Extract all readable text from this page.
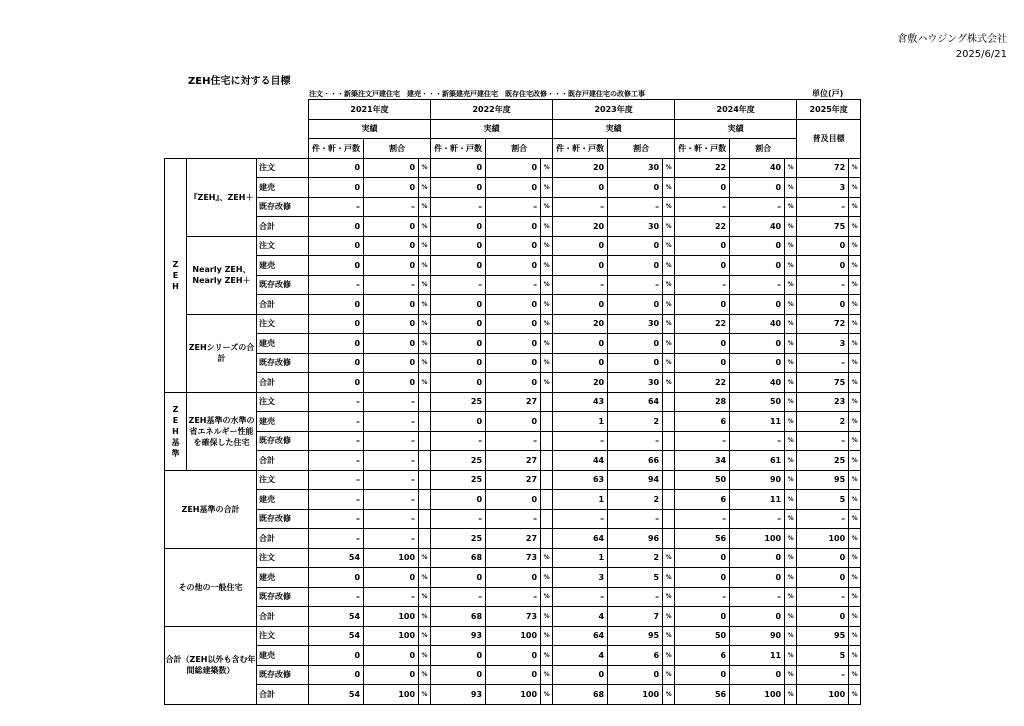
倉敷ハウジング株式会社
2025/6/21
ZEH住宅に対する目標
注文・・・新築注文戸建住宅　建売・・・新築建売戸建住宅　既存住宅改修・・・既存戸建住宅の改修工事	単位(戸)
			2021年度			2022年度			2023年度			2024年度			2025年度	
			実績			実績			実績			実績			普及目標	
			件・軒・戸数	割合		件・軒・戸数	割合		件・軒・戸数	割合		件・軒・戸数	割合			
ZEH	『ZEH』、ZEH＋	注文	0	0	%	0	0	%	20	30	%	22	40	%	72	%
		建売	0	0	%	0	0	%	0	0	%	0	0	%	3	%
		既存改修	–	–	%	–	–	%	–	–	%	–	–	%	–	%
		合計	0	0	%	0	0	%	20	30	%	22	40	%	75	%
	Nearly ZEH、Nearly ZEH＋	注文	0	0	%	0	0	%	0	0	%	0	0	%	0	%
		建売	0	0	%	0	0	%	0	0	%	0	0	%	0	%
		既存改修	–	–	%	–	–	%	–	–	%	–	–	%	–	%
		合計	0	0	%	0	0	%	0	0	%	0	0	%	0	%
	ZEHシリーズの合計	注文	0	0	%	0	0	%	20	30	%	22	40	%	72	%
		建売	0	0	%	0	0	%	0	0	%	0	0	%	3	%
		既存改修	0	0	%	0	0	%	0	0	%	0	0	%	–	%
		合計	0	0	%	0	0	%	20	30	%	22	40	%	75	%
ZEH基準	ZEH基準の水準の省エネルギー性能を確保した住宅	注文	–	–		25	27		43	64		28	50	%	23	%
		建売	–	–		0	0		1	2		6	11	%	2	%
		既存改修	–	–		–	–		–	–		–	–	%	–	%
		合計	–	–		25	27		44	66		34	61	%	25	%
ZEH基準の合計		注文	–	–		25	27		63	94		50	90	%	95	%
		建売	–	–		0	0		1	2		6	11	%	5	%
		既存改修	–	–		–	–		–	–		–	–	%	–	%
		合計	–	–		25	27		64	96		56	100	%	100	%
その他の一般住宅		注文	54	100	%	68	73	%	1	2	%	0	0	%	0	%
		建売	0	0	%	0	0	%	3	5	%	0	0	%	0	%
		既存改修	–	–	%	–	–	%	–	–	%	–	–	%	–	%
		合計	54	100	%	68	73	%	4	7	%	0	0	%	0	%
合計（ZEH以外も含む年間総建築数）		注文	54	100	%	93	100	%	64	95	%	50	90	%	95	%
		建売	0	0	%	0	0	%	4	6	%	6	11	%	5	%
		既存改修	0	0	%	0	0	%	0	0	%	0	0	%	–	%
		合計	54	100	%	93	100	%	68	100	%	56	100	%	100	%
